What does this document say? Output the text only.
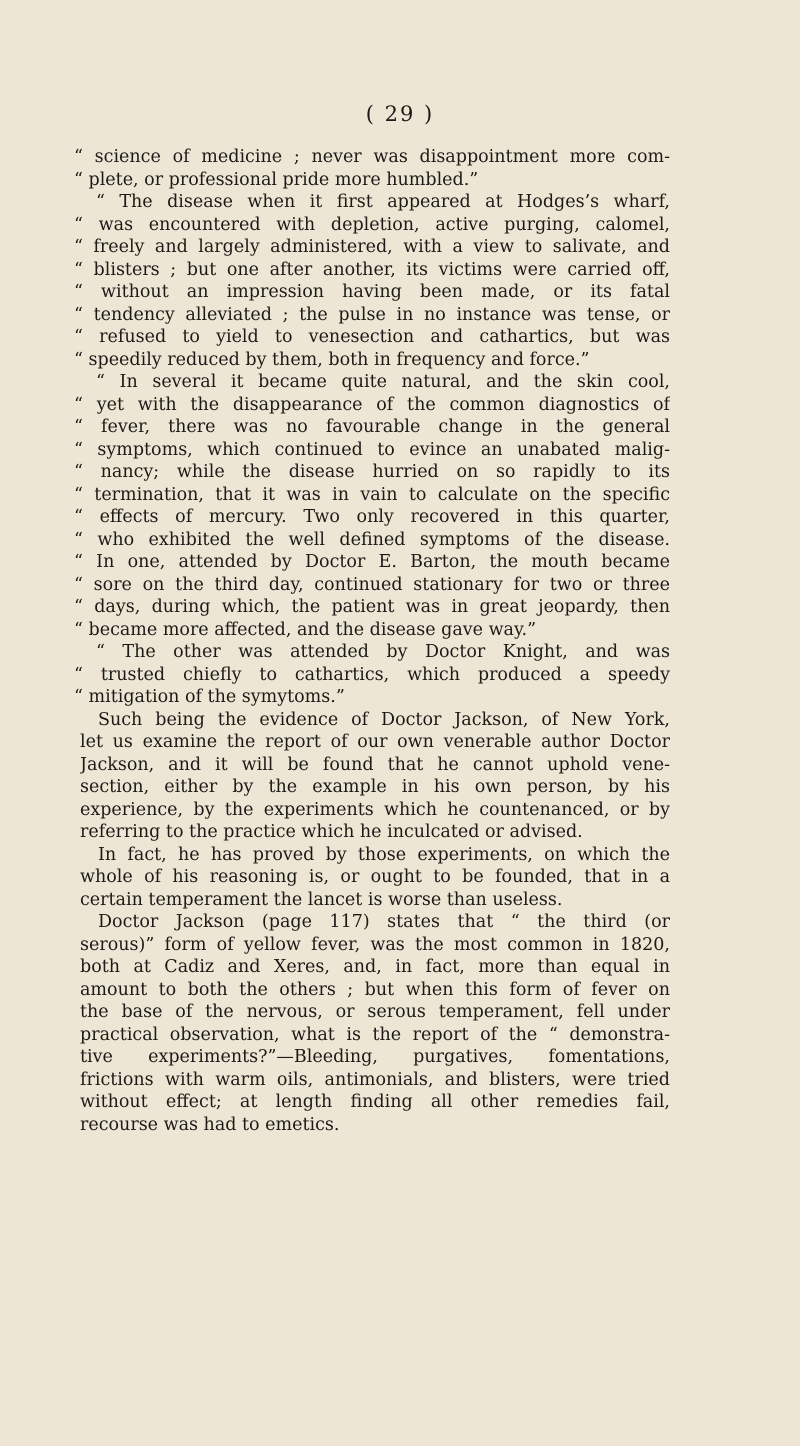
( 29 )
“ science of medicine ; never was disappointment more com-
“ plete, or professional pride more humbled.”
“ The disease when it first appeared at Hodges’s wharf,
“ was encountered with depletion, active purging, calomel,
“ freely and largely administered, with a view to salivate, and
“ blisters ; but one after another, its victims were carried off,
“ without an impression having been made, or its fatal
“ tendency alleviated ; the pulse in no instance was tense, or
“ refused to yield to venesection and cathartics, but was
“ speedily reduced by them, both in frequency and force.”
“ In several it became quite natural, and the skin cool,
“ yet with the disappearance of the common diagnostics of
“ fever, there was no favourable change in the general
“ symptoms, which continued to evince an unabated malig-
“ nancy; while the disease hurried on so rapidly to its
“ termination, that it was in vain to calculate on the specific
“ effects of mercury. Two only recovered in this quarter,
“ who exhibited the well defined symptoms of the disease.
“ In one, attended by Doctor E. Barton, the mouth became
“ sore on the third day, continued stationary for two or three
“ days, during which, the patient was in great jeopardy, then
“ became more affected, and the disease gave way.”
“ The other was attended by Doctor Knight, and was
“ trusted chiefly to cathartics, which produced a speedy
“ mitigation of the symytoms.”
Such being the evidence of Doctor Jackson, of New York,
let us examine the report of our own venerable author Doctor
Jackson, and it will be found that he cannot uphold vene-
section, either by the example in his own person, by his
experience, by the experiments which he countenanced, or by
referring to the practice which he inculcated or advised.
In fact, he has proved by those experiments, on which the
whole of his reasoning is, or ought to be founded, that in a
certain temperament the lancet is worse than useless.
Doctor Jackson (page 117) states that “ the third (or
serous)” form of yellow fever, was the most common in 1820,
both at Cadiz and Xeres, and, in fact, more than equal in
amount to both the others ; but when this form of fever on
the base of the nervous, or serous temperament, fell under
practical observation, what is the report of the “ demonstra-
tive experiments?”—Bleeding, purgatives, fomentations,
frictions with warm oils, antimonials, and blisters, were tried
without effect; at length finding all other remedies fail,
recourse was had to emetics.
